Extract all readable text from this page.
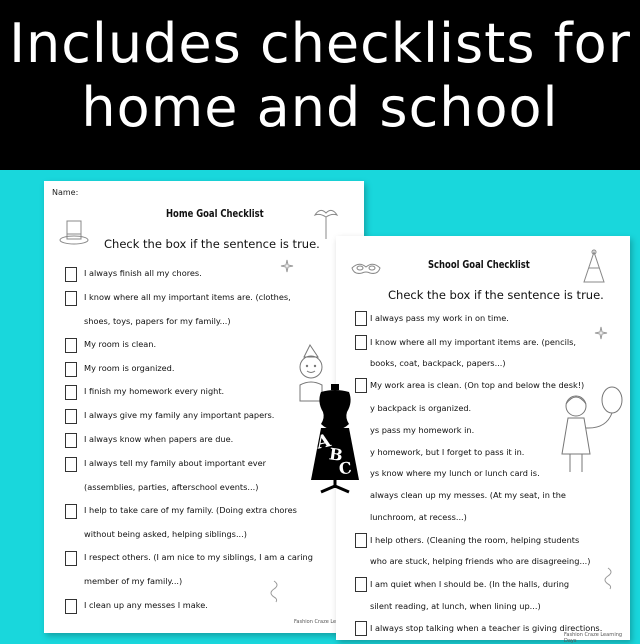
Includes checklists for
home and school
Name:
Home Goal Checklist
Check the box if the sentence is true.
I always finish all my chores.
I know where all my important items are. (clothes,
shoes, toys, papers for my family...)
My room is clean.
My room is organized.
I finish my homework every night.
I always give my family any important papers.
I always know when papers are due.
I always tell my family about important ever
(assemblies, parties, afterschool events...)
I help to take care of my family. (Doing extra chores
without being asked, helping siblings...)
I respect others. (I am nice to my siblings, I am a caring
member of my family...)
I clean up any messes I make.
Fashion Craze Le
School Goal Checklist
Check the box if the sentence is true.
I always pass my work in on time.
I know where all my important items are. (pencils,
books, coat, backpack, papers...)
My work area is clean. (On top and below the desk!)
y backpack is organized.
ys pass my homework in.
y homework, but I forget to pass it in.
ys know where my lunch or lunch card is.
always clean up my messes. (At my seat, in the
lunchroom, at recess...)
I help others. (Cleaning the room, helping students
who are stuck, helping friends who are disagreeing...)
I am quiet when I should be. (In the halls, during
silent reading, at lunch, when lining up...)
I always stop talking when a teacher is giving directions.
Fashion Craze Learning Days
A
B
C
